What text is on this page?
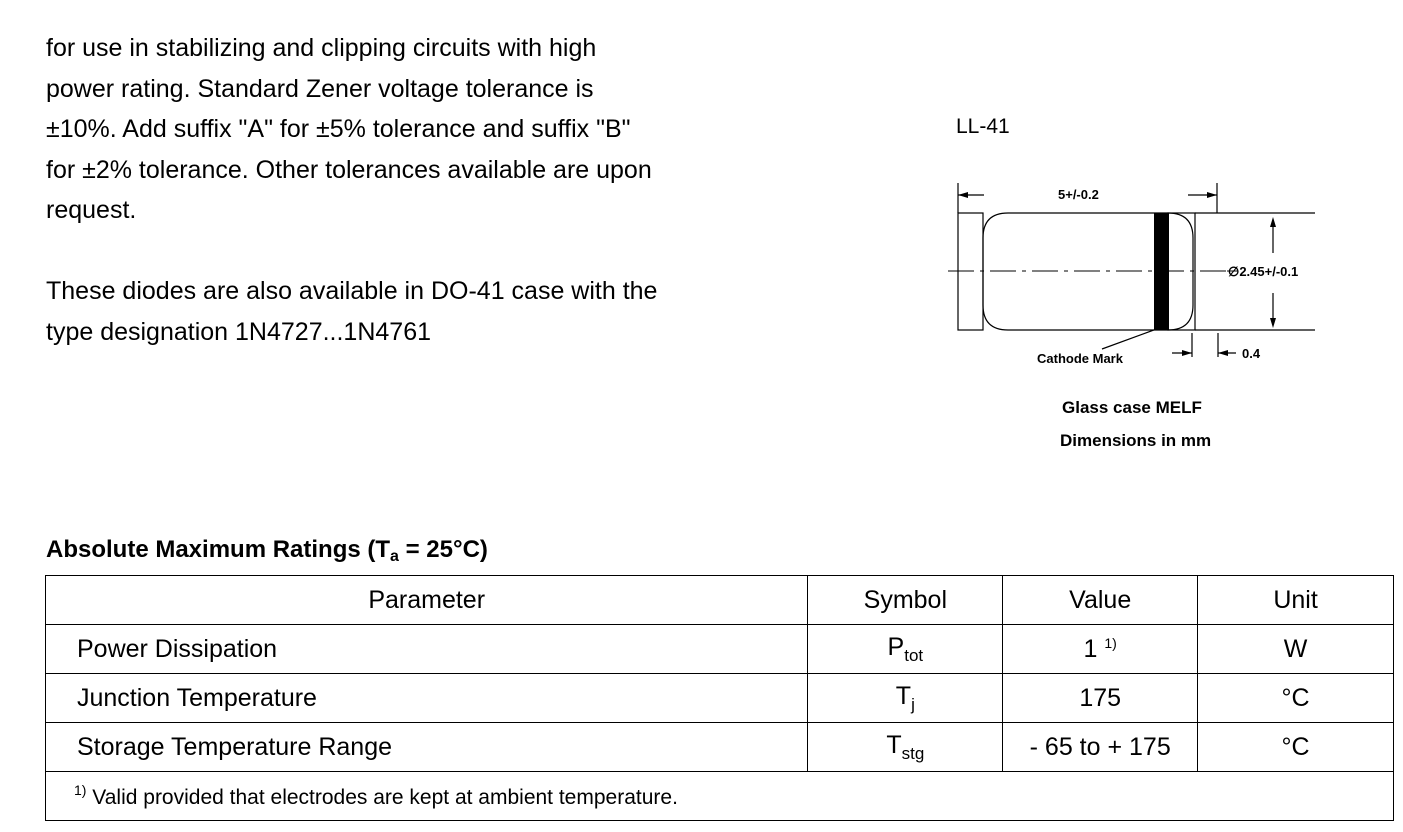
for use in stabilizing and clipping circuits with high
power rating. Standard Zener voltage tolerance is
±10%. Add suffix "A" for ±5% tolerance and suffix "B"
for ±2% tolerance. Other tolerances available are upon
request.

These diodes are also available in DO-41 case with the
type designation 1N4727...1N4761

LL-41
5+/-0.2
∅2.45+/-0.1
0.4
Cathode Mark
Glass case MELF
Dimensions in mm
Absolute Maximum Ratings $(T_a = 25^\circ C)$
Parameter	Symbol	Value	Unit
Power Dissipation	$P_{tot}$	1 $^{1)}$	W
Junction Temperature	$T_j$	175	°C
Storage Temperature Range	$T_{stg}$	- 65 to + 175	°C
$^{1)}$ Valid provided that electrodes are kept at ambient temperature.			
